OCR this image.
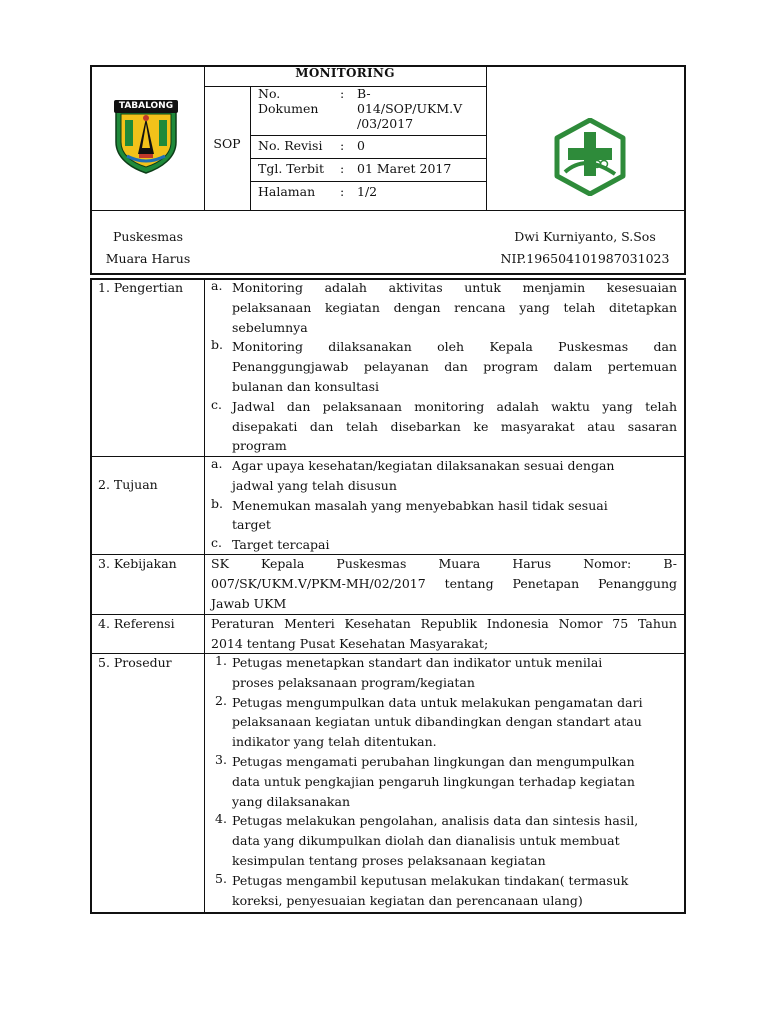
MONITORING
SOP
No.
Dokumen
: B-
014/SOP/UKM.V
/03/2017
No. Revisi : 0
Tgl. Terbit : 01 Maret 2017
Halaman : 1/2
TABALONG
Puskesmas
Muara Harus
Dwi Kurniyanto, S.Sos
NIP.196504101987031023
1. Pengertian
2. Tujuan
3. Kebijakan
4. Referensi
5. Prosedur
a. Monitoring adalah aktivitas untuk menjamin kesesuaian
pelaksanaan kegiatan dengan rencana yang telah ditetapkan
sebelumnya
b. Monitoring dilaksanakan oleh Kepala Puskesmas dan
Penanggungjawab pelayanan dan program dalam pertemuan
bulanan dan konsultasi
c. Jadwal dan pelaksanaan monitoring adalah waktu yang telah
disepakati dan telah disebarkan ke masyarakat atau sasaran
program
a. Agar upaya kesehatan/kegiatan dilaksanakan sesuai dengan
jadwal yang telah disusun
b. Menemukan masalah yang menyebabkan hasil tidak sesuai
target
c. Target tercapai
SK Kepala Puskesmas Muara Harus Nomor: B-
007/SK/UKM.V/PKM-MH/02/2017 tentang Penetapan Penanggung
Jawab UKM
Peraturan Menteri Kesehatan Republik Indonesia Nomor 75 Tahun
2014 tentang Pusat Kesehatan Masyarakat;
1. Petugas menetapkan standart dan indikator untuk menilai
proses pelaksanaan program/kegiatan
2. Petugas mengumpulkan data untuk melakukan pengamatan dari
pelaksanaan kegiatan untuk dibandingkan dengan standart atau
indikator yang telah ditentukan.
3. Petugas mengamati perubahan lingkungan dan mengumpulkan
data untuk pengkajian pengaruh lingkungan terhadap kegiatan
yang dilaksanakan
4. Petugas melakukan pengolahan, analisis data dan sintesis hasil,
data yang dikumpulkan diolah dan dianalisis untuk membuat
kesimpulan tentang proses pelaksanaan kegiatan
5. Petugas mengambil keputusan melakukan tindakan( termasuk
koreksi, penyesuaian kegiatan dan perencanaan ulang)
